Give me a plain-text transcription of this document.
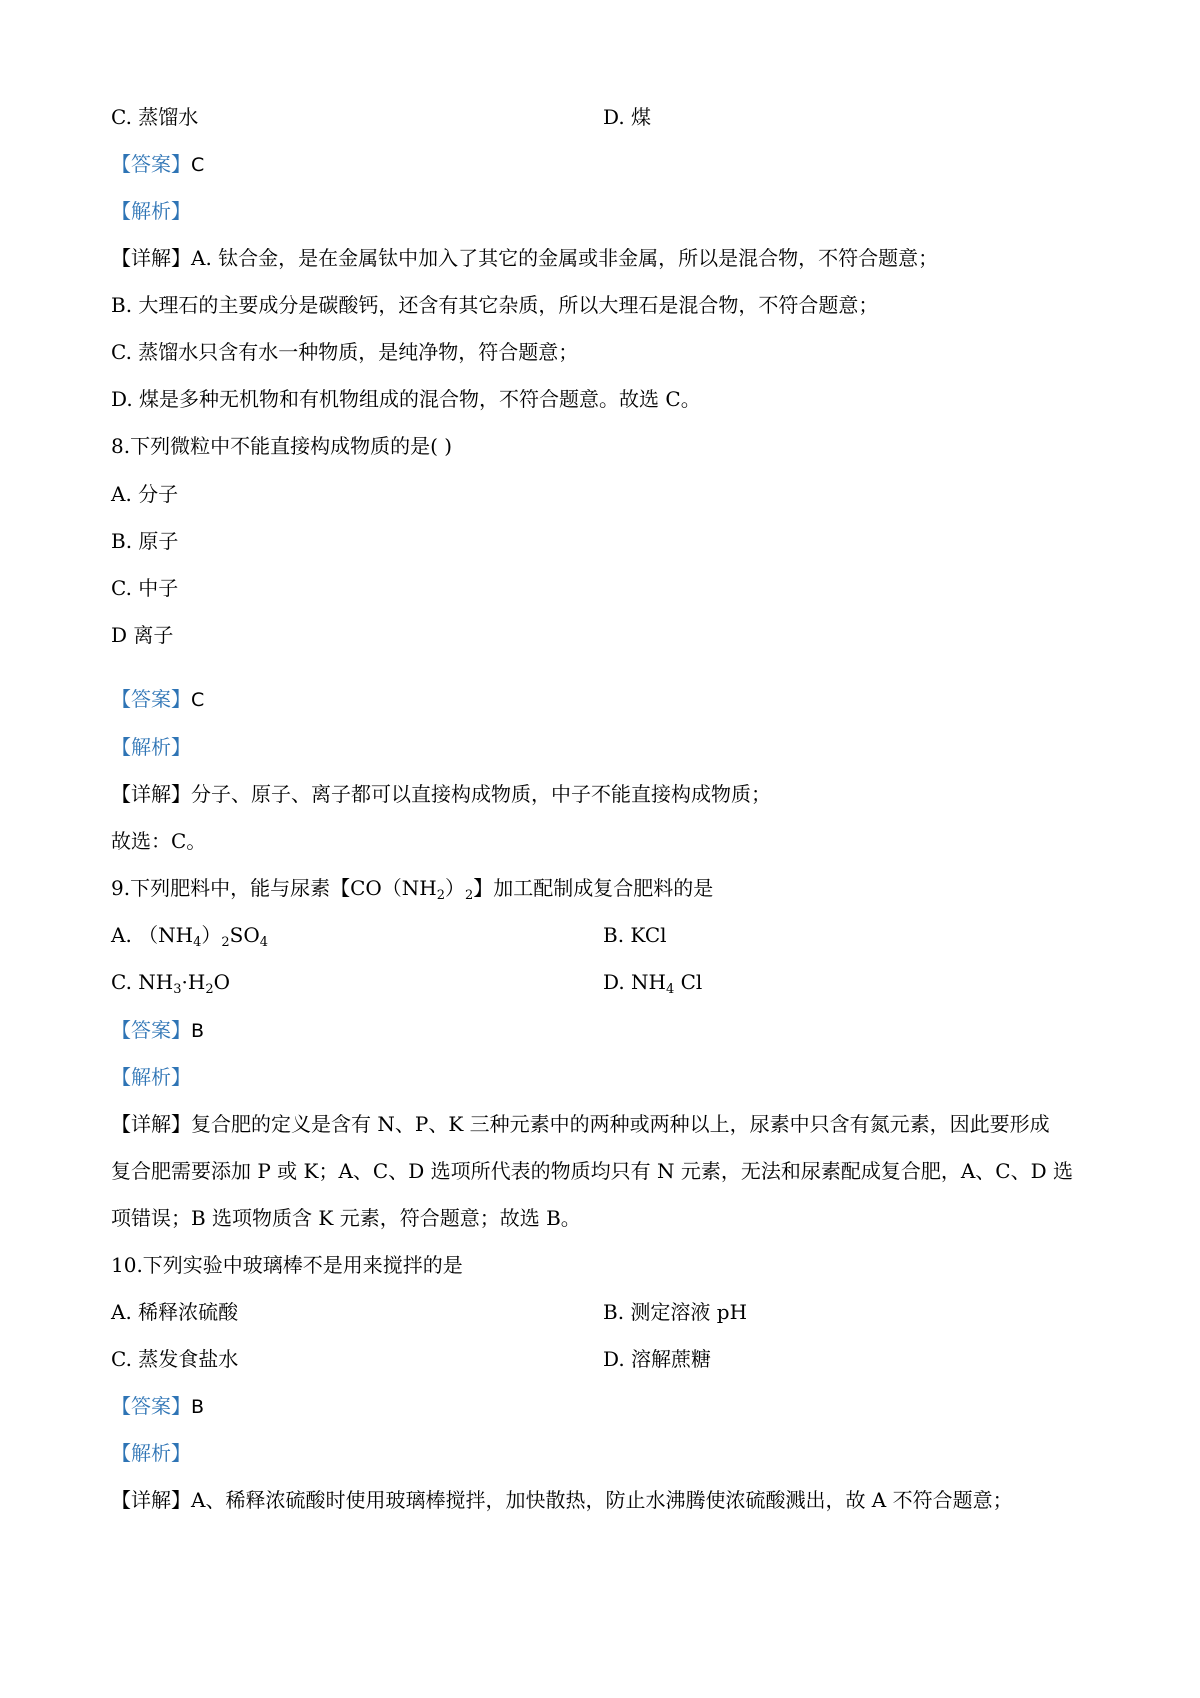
C. 蒸馏水	D. 煤
【答案】C
【解析】
【详解】A. 钛合金，是在金属钛中加入了其它的金属或非金属，所以是混合物，不符合题意；
B. 大理石的主要成分是碳酸钙，还含有其它杂质，所以大理石是混合物，不符合题意；
C. 蒸馏水只含有水一种物质，是纯净物，符合题意；
D. 煤是多种无机物和有机物组成的混合物，不符合题意。故选 C。
8.下列微粒中不能直接构成物质的是( )
A. 分子
B. 原子
C. 中子
D 离子
【答案】C
【解析】
【详解】分子、原子、离子都可以直接构成物质，中子不能直接构成物质；
故选：C。
9.下列肥料中，能与尿素【$CO(NH_2)_2$】加工配制成复合肥料的是
A. $(NH_4)_2SO_4$	B. KCl
C. $NH_3\cdot H_2O$	D. $NH_4$ Cl
【答案】B
【解析】
【详解】复合肥的定义是含有 N、P、K 三种元素中的两种或两种以上，尿素中只含有氮元素，因此要形成
复合肥需要添加 P 或 K；A、C、D 选项所代表的物质均只有 N 元素，无法和尿素配成复合肥，A、C、D 选
项错误；B 选项物质含 K 元素，符合题意；故选 B。
10.下列实验中玻璃棒不是用来搅拌的是
A. 稀释浓硫酸	B. 测定溶液 pH
C. 蒸发食盐水	D. 溶解蔗糖
【答案】B
【解析】
【详解】A、稀释浓硫酸时使用玻璃棒搅拌，加快散热，防止水沸腾使浓硫酸溅出，故 A 不符合题意；
